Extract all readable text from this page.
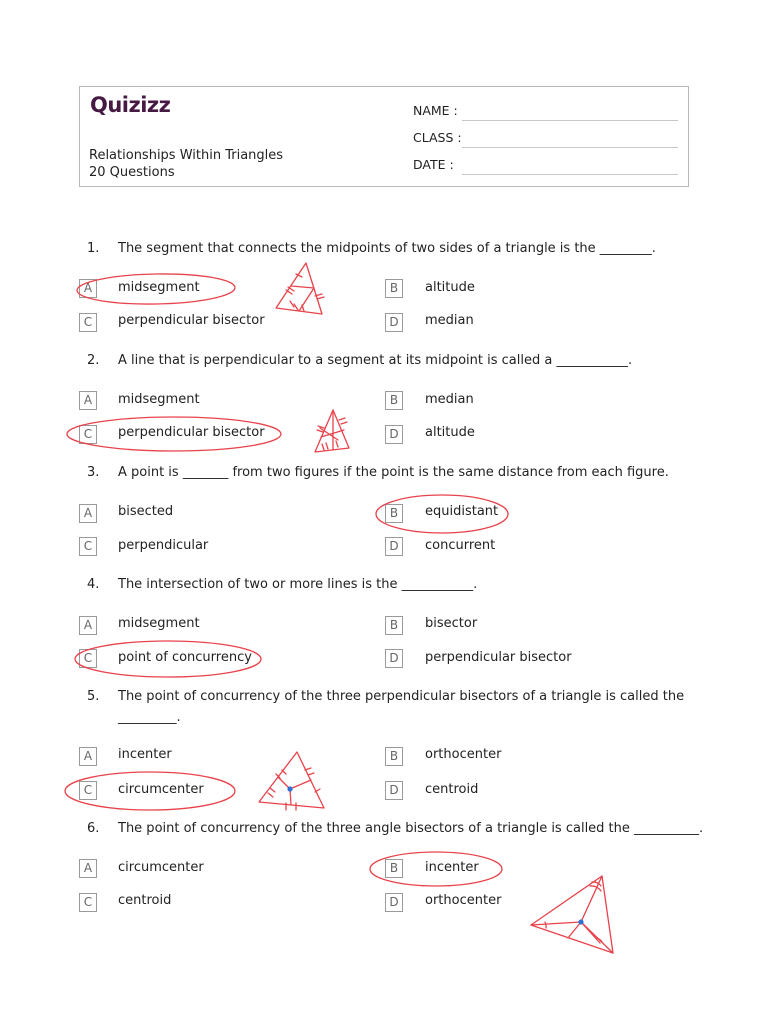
Quizizz
Relationships Within Triangles
20 Questions
NAME :
CLASS :
DATE :
1. The segment that connects the midpoints of two sides of a triangle is the ________.
A	midsegment	B	altitude
C	perpendicular bisector	D	median
2. A line that is perpendicular to a segment at its midpoint is called a ___________.
A	midsegment	B	median
C	perpendicular bisector	D	altitude
3. A point is _______ from two figures if the point is the same distance from each figure.
A	bisected	B	equidistant
C	perpendicular	D	concurrent
4. The intersection of two or more lines is the ___________.
A	midsegment	B	bisector
C	point of concurrency	D	perpendicular bisector
5. The point of concurrency of the three perpendicular bisectors of a triangle is called the
_________.
A	incenter	B	orthocenter
C	circumcenter	D	centroid
6. The point of concurrency of the three angle bisectors of a triangle is called the __________.
A	circumcenter	B	incenter
C	centroid	D	orthocenter
